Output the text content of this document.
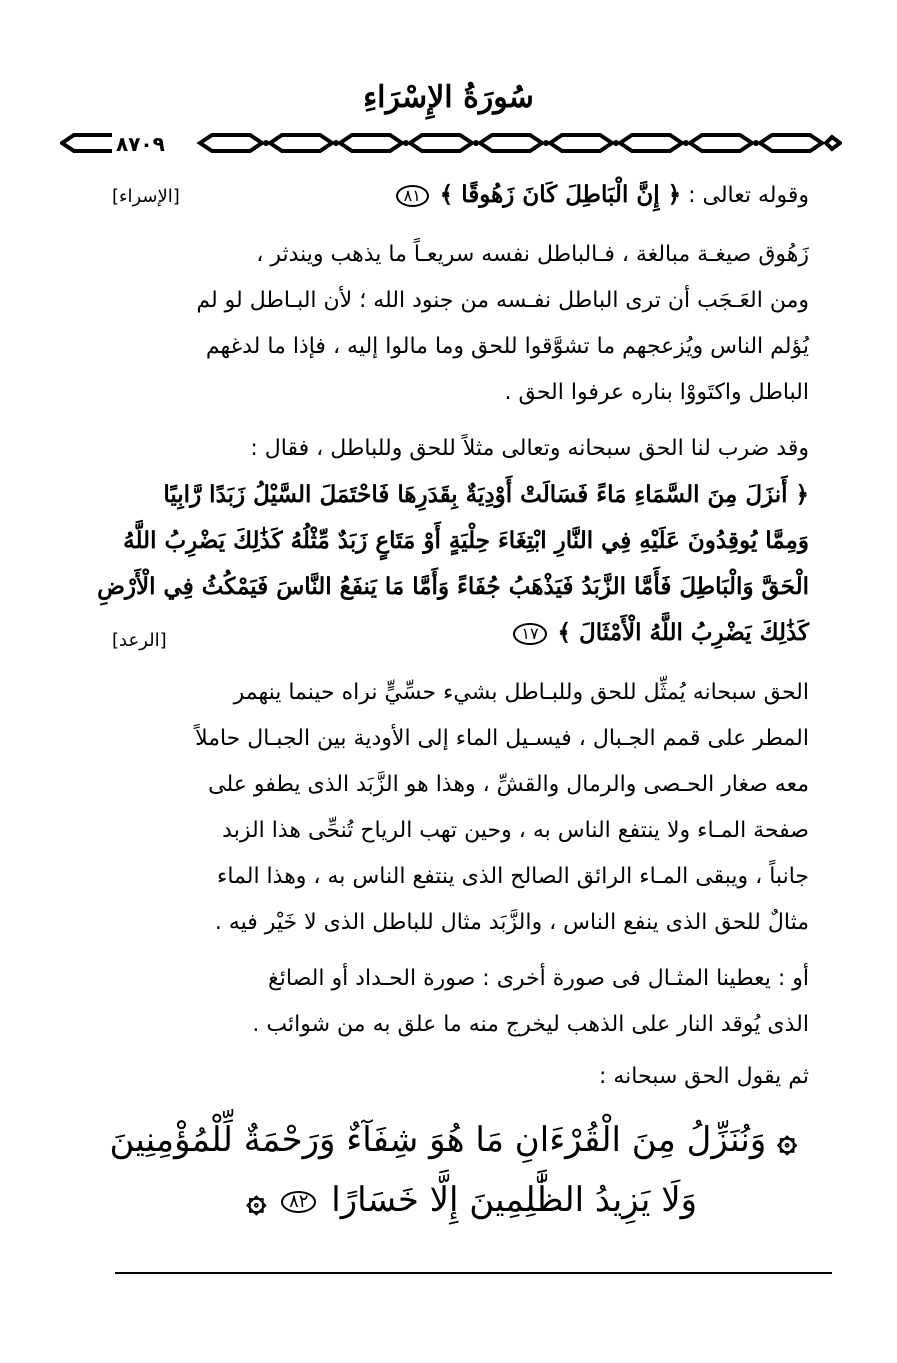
سُورَةُ الإِسْرَاءِ
٨٧٠٩
وقوله تعالى : ﴿ إِنَّ الْبَاطِلَ كَانَ زَهُوقًا ﴾ ٨١
[الإسراء]
زَهُوق صيغـة مبالغة ، فـالباطل نفسه سريعـاً ما يذهب ويندثر ،
ومن العَـجَب أن ترى الباطل نفـسه من جنود الله ؛ لأن البـاطل لو لم
يُؤلم الناس ويُزعجهم ما تشوَّقوا للحق وما مالوا إليه ، فإذا ما لدغهم
الباطل واكتَووْا بناره عرفوا الحق .
وقد ضرب لنا الحق سبحانه وتعالى مثلاً للحق وللباطل ، فقال :
﴿ أَنزَلَ مِنَ السَّمَاءِ مَاءً فَسَالَتْ أَوْدِيَةٌ بِقَدَرِهَا فَاحْتَمَلَ السَّيْلُ زَبَدًا رَّابِيًا
وَمِمَّا يُوقِدُونَ عَلَيْهِ فِي النَّارِ ابْتِغَاءَ حِلْيَةٍ أَوْ مَتَاعٍ زَبَدٌ مِّثْلُهُ كَذَٰلِكَ يَضْرِبُ اللَّهُ
الْحَقَّ وَالْبَاطِلَ فَأَمَّا الزَّبَدُ فَيَذْهَبُ جُفَاءً وَأَمَّا مَا يَنفَعُ النَّاسَ فَيَمْكُثُ فِي الْأَرْضِ
كَذَٰلِكَ يَضْرِبُ اللَّهُ الْأَمْثَالَ ﴾ ١٧
[الرعد]
الحق سبحانه يُمثِّل للحق وللبـاطل بشيء حسِّيٍّ نراه حينما ينهمر
المطر على قمم الجـبال ، فيسـيل الماء إلى الأودية بين الجبـال حاملاً
معه صغار الحـصى والرمال والقشِّ ، وهذا هو الزَّبَد الذى يطفو على
صفحة المـاء ولا ينتفع الناس به ، وحين تهب الرياح تُنحِّى هذا الزبد
جانباً ، ويبقى المـاء الرائق الصالح الذى ينتفع الناس به ، وهذا الماء
مثالٌ للحق الذى ينفع الناس ، والزَّبَد مثال للباطل الذى لا خَيْر فيه .
أو : يعطينا المثـال فى صورة أخرى : صورة الحـداد أو الصائغ
الذى يُوقد النار على الذهب ليخرج منه ما علق به من شوائب .
ثم يقول الحق سبحانه :
۞ وَنُنَزِّلُ مِنَ الْقُرْءَانِ مَا هُوَ شِفَآءٌ وَرَحْمَةٌ لِّلْمُؤْمِنِينَ
وَلَا يَزِيدُ الظَّٰلِمِينَ إِلَّا خَسَارًا ٨٢ ۞
